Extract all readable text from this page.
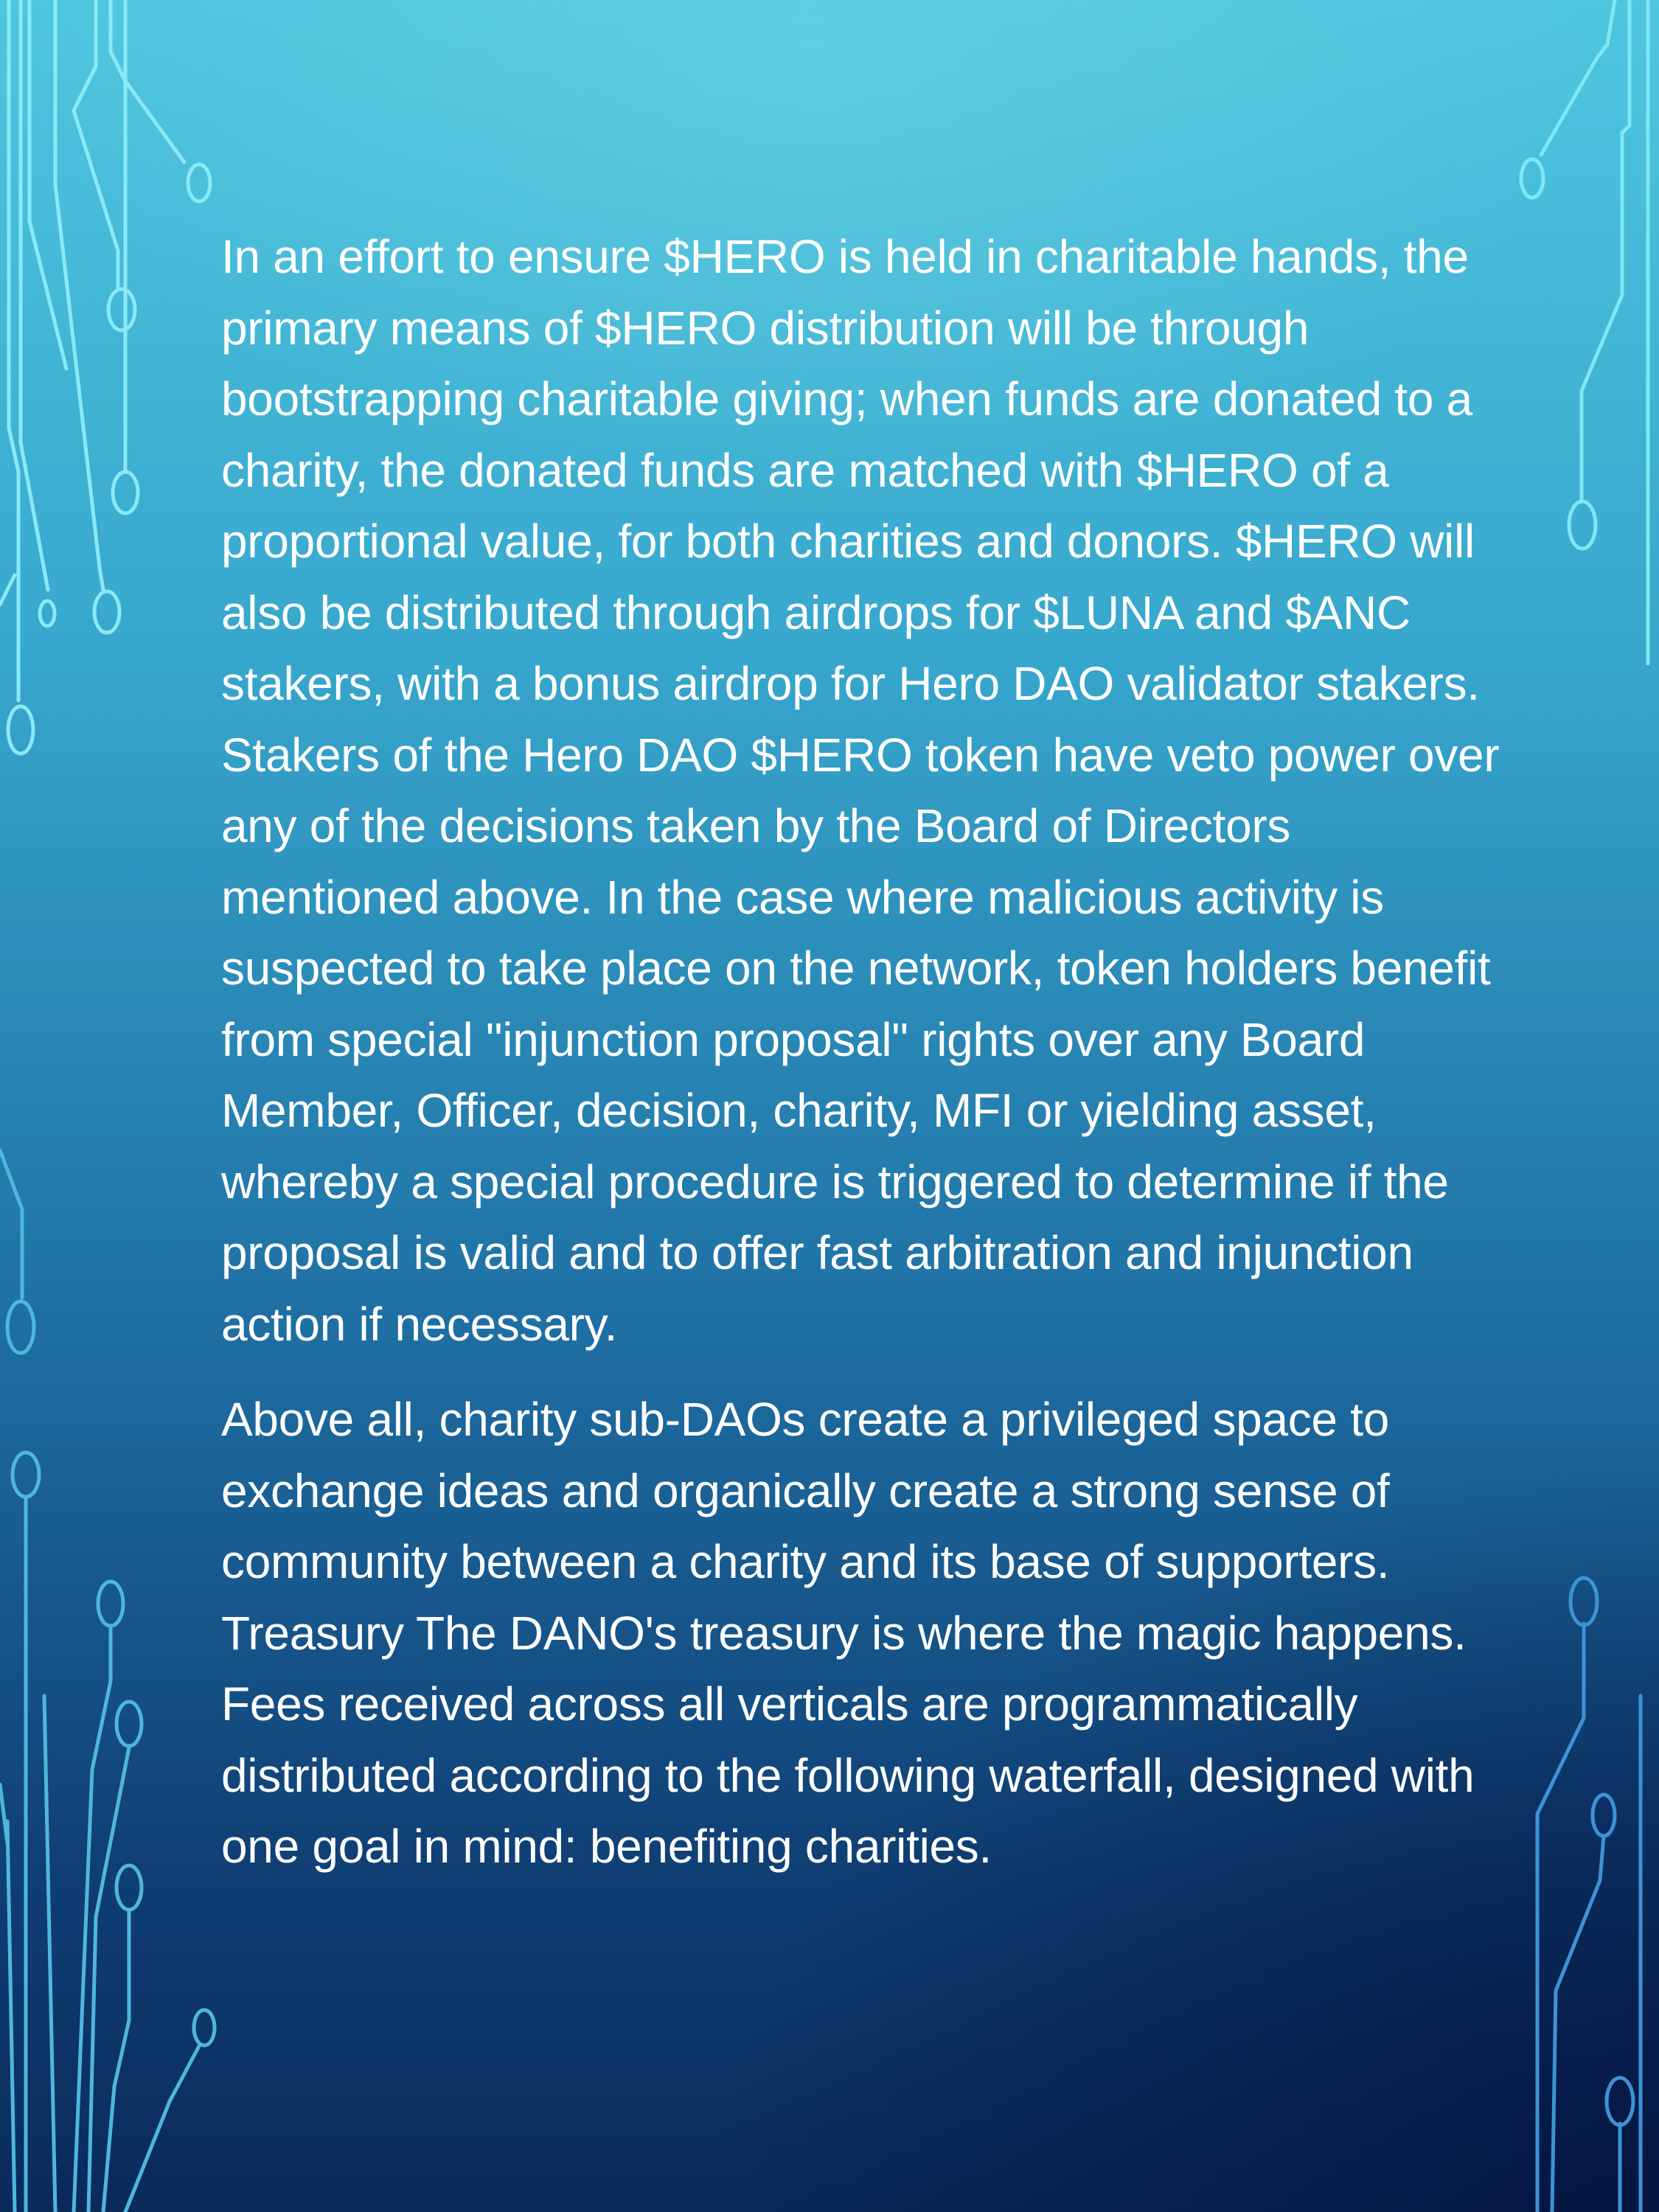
In an effort to ensure $HERO is held in charitable hands, the primary means of $HERO distribution will be through bootstrapping charitable giving; when funds are donated to a charity, the donated funds are matched with $HERO of a proportional value, for both charities and donors. $HERO will also be distributed through airdrops for $LUNA and $ANC stakers, with a bonus airdrop for Hero DAO validator stakers. Stakers of the Hero DAO $HERO token have veto power over any of the decisions taken by the Board of Directors mentioned above. In the case where malicious activity is suspected to take place on the network, token holders benefit from special "injunction proposal" rights over any Board Member, Officer, decision, charity, MFI or yielding asset, whereby a special procedure is triggered to determine if the proposal is valid and to offer fast arbitration and injunction action if necessary.

Above all, charity sub-DAOs create a privileged space to exchange ideas and organically create a strong sense of community between a charity and its base of supporters. Treasury The DANO's treasury is where the magic happens. Fees received across all verticals are programmatically distributed according to the following waterfall, designed with one goal in mind: benefiting charities.
